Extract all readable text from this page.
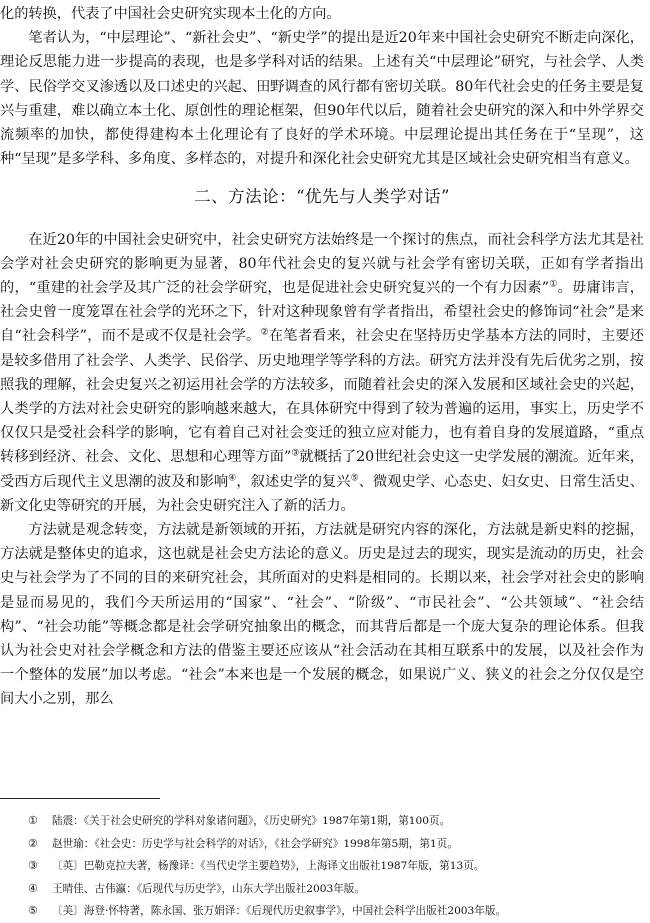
化的转换，代表了中国社会史研究实现本土化的方向。

笔者认为，“中层理论”、“新社会史”、“新史学”的提出是近20年来中国社会史研究不断走向深化，理论反思能力进一步提高的表现，也是多学科对话的结果。上述有关“中层理论”研究，与社会学、人类学、民俗学交叉渗透以及口述史的兴起、田野调查的风行都有密切关联。80年代社会史的任务主要是复兴与重建，难以确立本土化、原创性的理论框架，但90年代以后，随着社会史研究的深入和中外学界交流频率的加快，都使得建构本土化理论有了良好的学术环境。中层理论提出其任务在于“呈现”，这种“呈现”是多学科、多角度、多样态的，对提升和深化社会史研究尤其是区域社会史研究相当有意义。

二、方法论：“优先与人类学对话”

在近20年的中国社会史研究中，社会史研究方法始终是一个探讨的焦点，而社会科学方法尤其是社会学对社会史研究的影响更为显著，80年代社会史的复兴就与社会学有密切关联，正如有学者指出的，“重建的社会学及其广泛的社会学研究，也是促进社会史研究复兴的一个有力因素”①。毋庸讳言，社会史曾一度笼罩在社会学的光环之下，针对这种现象曾有学者指出，希望社会史的修饰词“社会”是来自“社会科学”，而不是或不仅是社会学。②在笔者看来，社会史在坚持历史学基本方法的同时，主要还是较多借用了社会学、人类学、民俗学、历史地理学等学科的方法。研究方法并没有先后优劣之别，按照我的理解，社会史复兴之初运用社会学的方法较多，而随着社会史的深入发展和区域社会史的兴起，人类学的方法对社会史研究的影响越来越大，在具体研究中得到了较为普遍的运用，事实上，历史学不仅仅只是受社会科学的影响，它有着自己对社会变迁的独立应对能力，也有着自身的发展道路，“重点转移到经济、社会、文化、思想和心理等方面”③就概括了20世纪社会史这一史学发展的潮流。近年来，受西方后现代主义思潮的波及和影响④，叙述史学的复兴⑤、微观史学、心态史、妇女史、日常生活史、新文化史等研究的开展，为社会史研究注入了新的活力。

方法就是观念转变，方法就是新领域的开拓，方法就是研究内容的深化，方法就是新史料的挖掘，方法就是整体史的追求，这也就是社会史方法论的意义。历史是过去的现实，现实是流动的历史，社会史与社会学为了不同的目的来研究社会，其所面对的史料是相同的。长期以来，社会学对社会史的影响是显而易见的，我们今天所运用的“国家”、“社会”、“阶级”、“市民社会”、“公共领域”、“社会结构”、“社会功能”等概念都是社会学研究抽象出的概念，而其背后都是一个庞大复杂的理论体系。但我认为社会史对社会学概念和方法的借鉴主要还应该从“社会活动在其相互联系中的发展，以及社会作为一个整体的发展”加以考虑。“社会”本来也是一个发展的概念，如果说广义、狭义的社会之分仅仅是空间大小之别，那么

① 陆震：《关于社会史研究的学科对象诸问题》，《历史研究》1987年第1期，第100页。
② 赵世瑜：《社会史：历史学与社会科学的对话》，《社会学研究》1998年第5期，第1页。
③ 〔英〕巴勒克拉夫著，杨豫译：《当代史学主要趋势》，上海译文出版社1987年版，第13页。
④ 王晴佳、古伟瀛：《后现代与历史学》，山东大学出版社2003年版。
⑤ 〔美〕海登·怀特著，陈永国、张万娟译：《后现代历史叙事学》，中国社会科学出版社2003年版。
